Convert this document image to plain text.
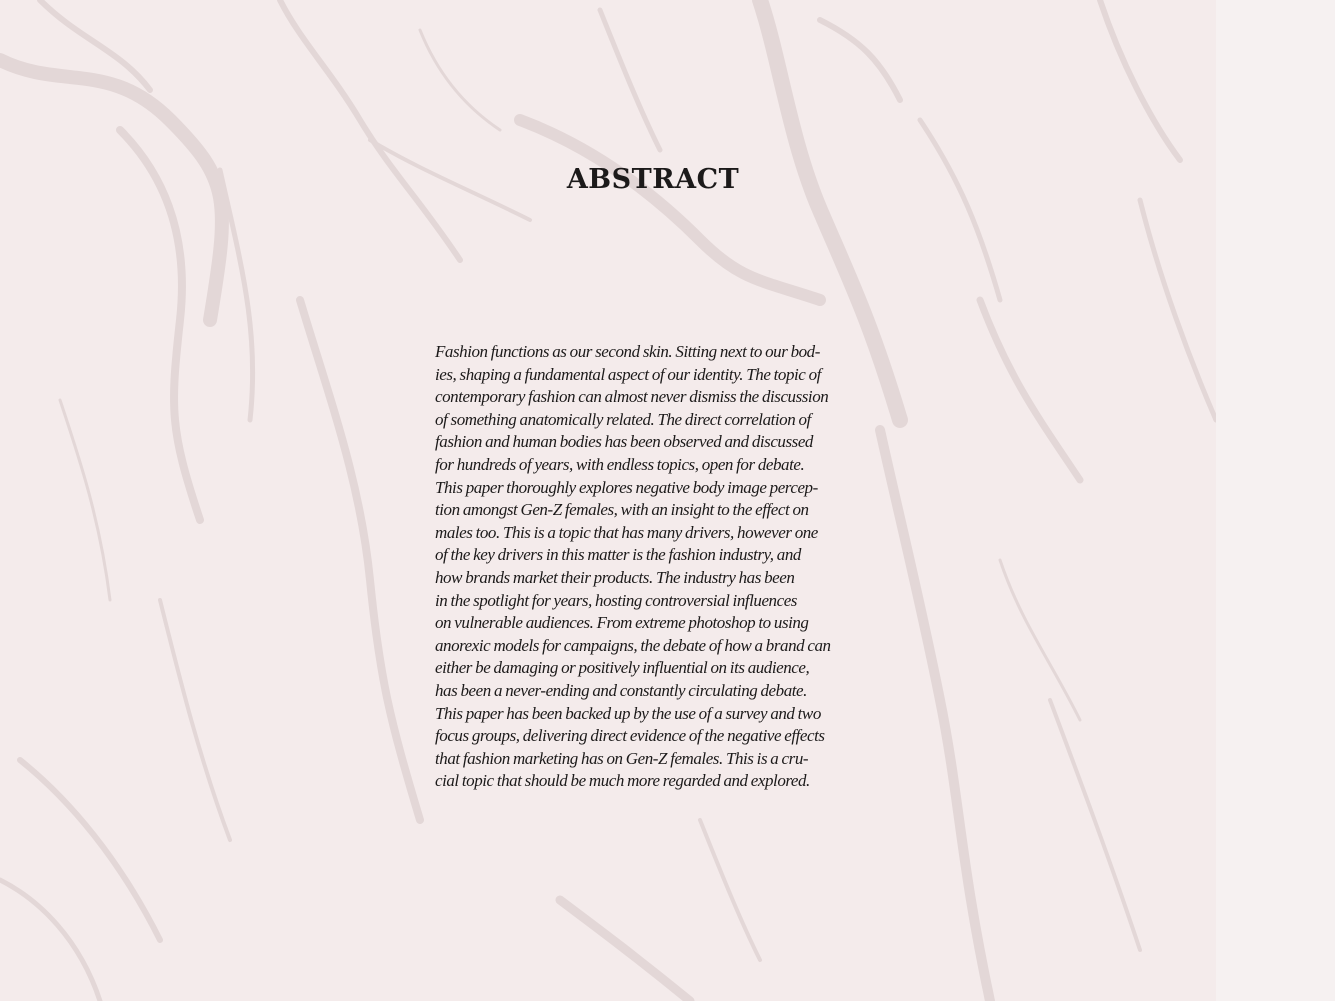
ABSTRACT

Fashion functions as our second skin. Sitting next to our bod-
ies, shaping a fundamental aspect of our identity. The topic of
contemporary fashion can almost never dismiss the discussion
of something anatomically related. The direct correlation of
fashion and human bodies has been observed and discussed
for hundreds of years, with endless topics, open for debate.
This paper thoroughly explores negative body image percep-
tion amongst Gen-Z females, with an insight to the effect on
males too. This is a topic that has many drivers, however one
of the key drivers in this matter is the fashion industry, and
how brands market their products. The industry has been
in the spotlight for years, hosting controversial influences
on vulnerable audiences. From extreme photoshop to using
anorexic models for campaigns, the debate of how a brand can
either be damaging or positively influential on its audience,
has been a never-ending and constantly circulating debate.
This paper has been backed up by the use of a survey and two
focus groups, delivering direct evidence of the negative effects
that fashion marketing has on Gen-Z females. This is a cru-
cial topic that should be much more regarded and explored.
